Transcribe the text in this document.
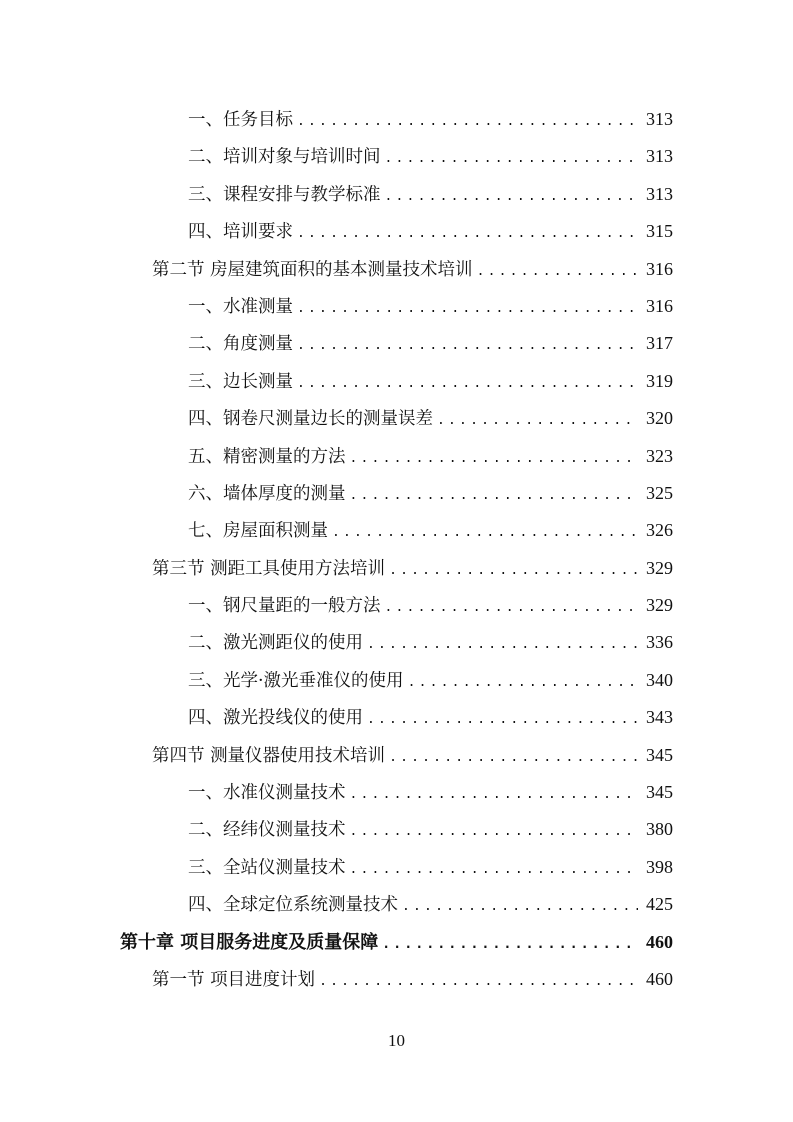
一、任务目标 .....	313
二、培训对象与培训时间 .....	313
三、课程安排与教学标准 .....	313
四、培训要求 .....	315
第二节 房屋建筑面积的基本测量技术培训 .....	316
一、水准测量 .....	316
二、角度测量 .....	317
三、边长测量 .....	319
四、钢卷尺测量边长的测量误差 .....	320
五、精密测量的方法 .....	323
六、墙体厚度的测量 .....	325
七、房屋面积测量 .....	326
第三节 测距工具使用方法培训 .....	329
一、钢尺量距的一般方法 .....	329
二、激光测距仪的使用 .....	336
三、光学·激光垂准仪的使用 .....	340
四、激光投线仪的使用 .....	343
第四节 测量仪器使用技术培训 .....	345
一、水准仪测量技术 .....	345
二、经纬仪测量技术 .....	380
三、全站仪测量技术 .....	398
四、全球定位系统测量技术 .....	425
第十章 项目服务进度及质量保障 .....	460
第一节 项目进度计划 .....	460
10
